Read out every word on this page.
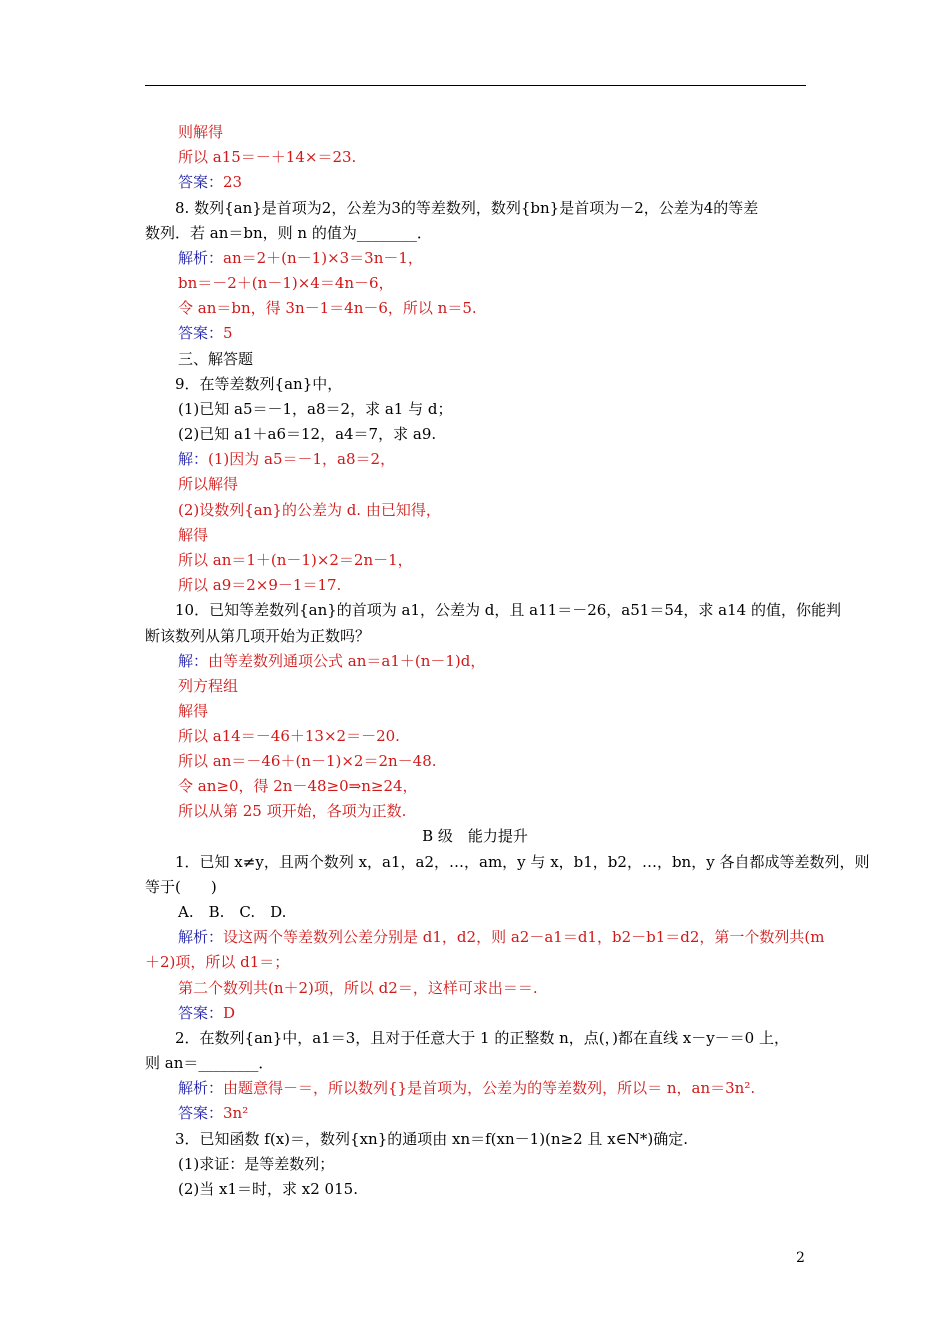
则解得
所以 a15＝－＋14×＝23.
答案：23
8. 数列{an}是首项为2，公差为3的等差数列，数列{bn}是首项为－2，公差为4的等差
数列．若 an＝bn，则 n 的值为________．
解析：an＝2＋(n－1)×3＝3n－1，
bn＝－2＋(n－1)×4＝4n－6，
令 an＝bn，得 3n－1＝4n－6，所以 n＝5.
答案：5
三、解答题
9．在等差数列{an}中，
(1)已知 a5＝－1，a8＝2，求 a1 与 d；
(2)已知 a1＋a6＝12，a4＝7，求 a9.
解：(1)因为 a5＝－1，a8＝2，
所以解得
(2)设数列{an}的公差为 d. 由已知得，
解得
所以 an＝1＋(n－1)×2＝2n－1，
所以 a9＝2×9－1＝17.
10．已知等差数列{an}的首项为 a1，公差为 d，且 a11＝－26，a51＝54，求 a14 的值，你能判
断该数列从第几项开始为正数吗？
解：由等差数列通项公式 an＝a1＋(n－1)d，
列方程组
解得
所以 a14＝－46＋13×2＝－20.
所以 an＝－46＋(n－1)×2＝2n－48.
令 an≥0，得 2n－48≥0⇒n≥24，
所以从第 25 项开始，各项为正数.
B 级　能力提升
1．已知 x≠y，且两个数列 x，a1，a2，…，am，y 与 x，b1，b2，…，bn，y 各自都成等差数列，则
等于(　　)
A.　B.　C.　D.
解析：设这两个等差数列公差分别是 d1，d2，则 a2－a1＝d1，b2－b1＝d2，第一个数列共(m
＋2)项，所以 d1＝；
第二个数列共(n＋2)项，所以 d2＝，这样可求出＝＝.
答案：D
2．在数列{an}中，a1＝3，且对于任意大于 1 的正整数 n，点(，)都在直线 x－y－＝0 上，
则 an＝________．
解析：由题意得－＝，所以数列{}是首项为，公差为的等差数列，所以＝ n，an＝3n².
答案：3n²
3．已知函数 f(x)＝，数列{xn}的通项由 xn＝f(xn－1)(n≥2 且 x∈N*)确定.
(1)求证：是等差数列；
(2)当 x1＝时，求 x2 015.
2
